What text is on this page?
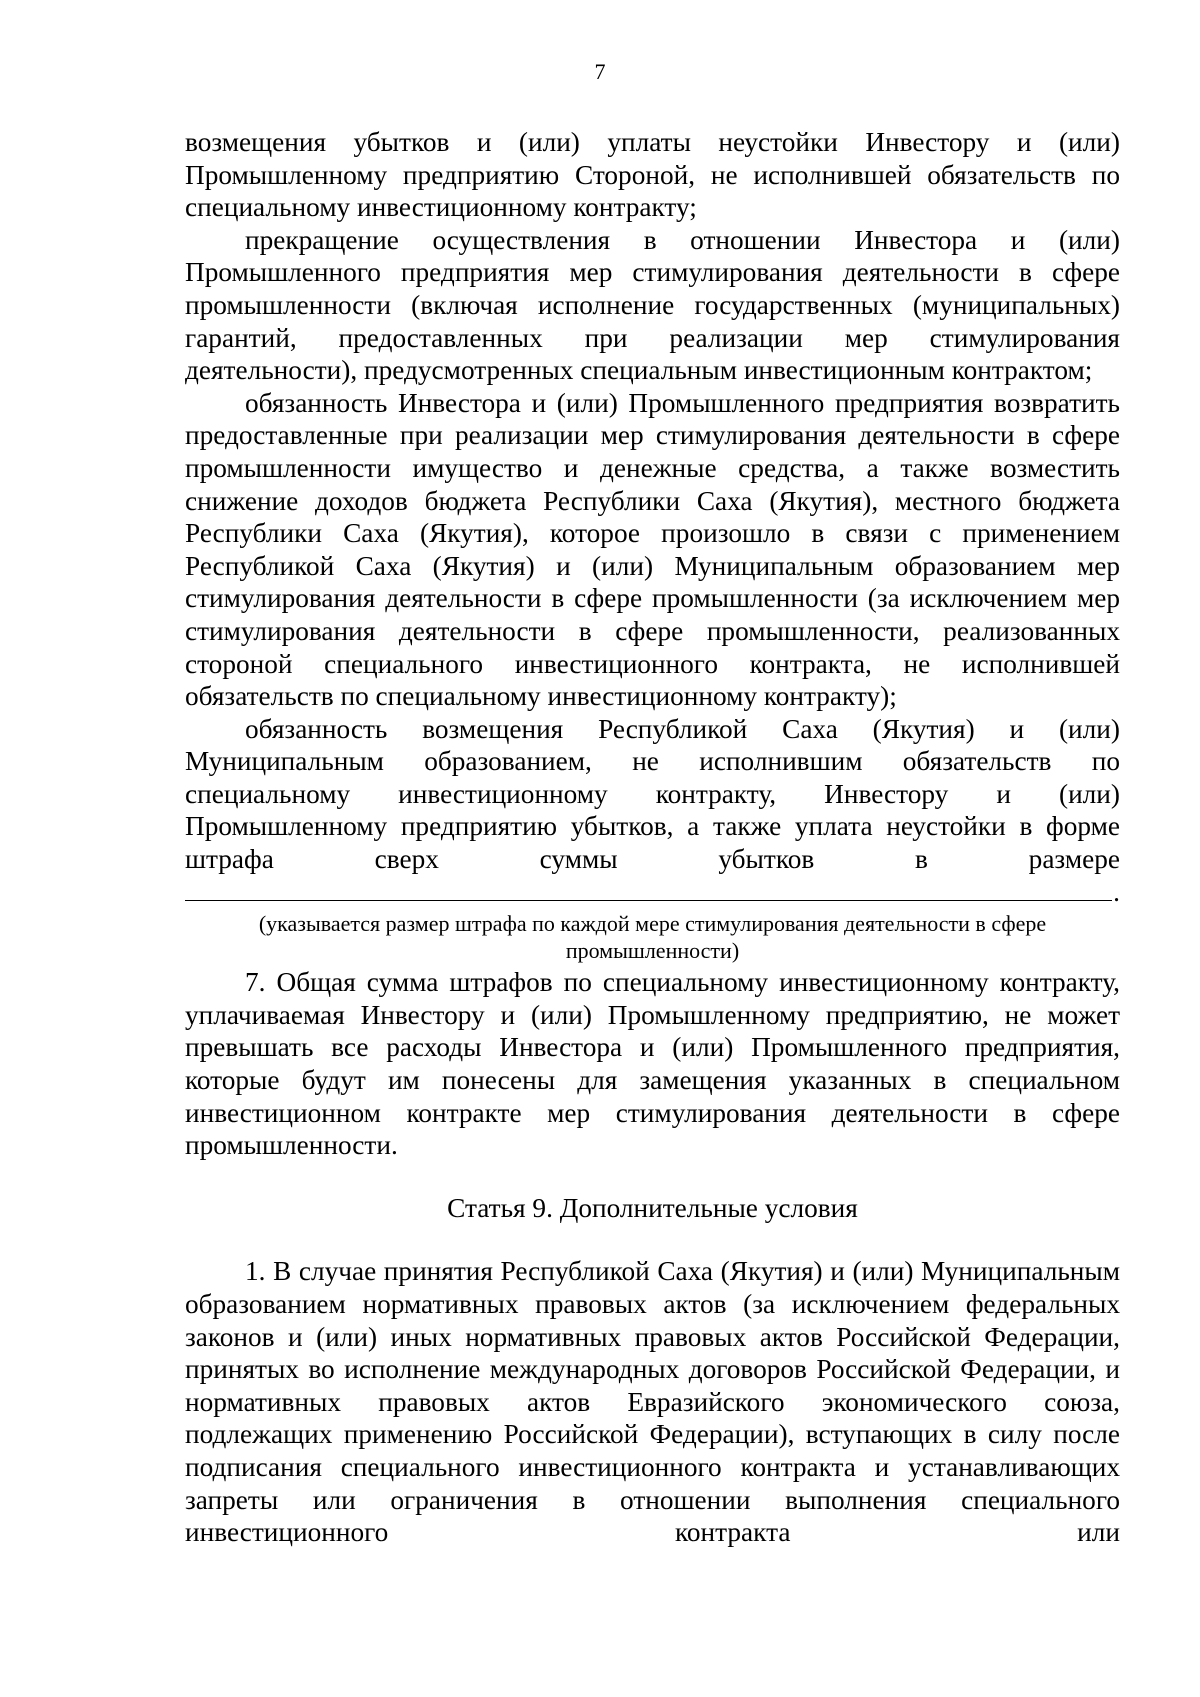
7

возмещения убытков и (или) уплаты неустойки Инвестору и (или) Промышленному предприятию Стороной, не исполнившей обязательств по специальному инвестиционному контракту;

прекращение осуществления в отношении Инвестора и (или) Промышленного предприятия мер стимулирования деятельности в сфере промышленности (включая исполнение государственных (муниципальных) гарантий, предоставленных при реализации мер стимулирования деятельности), предусмотренных специальным инвестиционным контрактом;

обязанность Инвестора и (или) Промышленного предприятия возвратить предоставленные при реализации мер стимулирования деятельности в сфере промышленности имущество и денежные средства, а также возместить снижение доходов бюджета Республики Саха (Якутия), местного бюджета Республики Саха (Якутия), которое произошло в связи с применением Республикой Саха (Якутия) и (или) Муниципальным образованием мер стимулирования деятельности в сфере промышленности (за исключением мер стимулирования деятельности в сфере промышленности, реализованных стороной специального инвестиционного контракта, не исполнившей обязательств по специальному инвестиционному контракту);

обязанность возмещения Республикой Саха (Якутия) и (или) Муниципальным образованием, не исполнившим обязательств по специальному инвестиционному контракту, Инвестору и (или) Промышленному предприятию убытков, а также уплата неустойки в форме штрафа сверх суммы убытков в размере

.

(указывается размер штрафа по каждой мере стимулирования деятельности в сфере промышленности)

7. Общая сумма штрафов по специальному инвестиционному контракту, уплачиваемая Инвестору и (или) Промышленному предприятию, не может превышать все расходы Инвестора и (или) Промышленного предприятия, которые будут им понесены для замещения указанных в специальном инвестиционном контракте мер стимулирования деятельности в сфере промышленности.

Статья 9. Дополнительные условия

1. В случае принятия Республикой Саха (Якутия) и (или) Муниципальным образованием нормативных правовых актов (за исключением федеральных законов и (или) иных нормативных правовых актов Российской Федерации, принятых во исполнение международных договоров Российской Федерации, и нормативных правовых актов Евразийского экономического союза, подлежащих применению Российской Федерации), вступающих в силу после подписания специального инвестиционного контракта и устанавливающих запреты или ограничения в отношении выполнения специального инвестиционного контракта или
